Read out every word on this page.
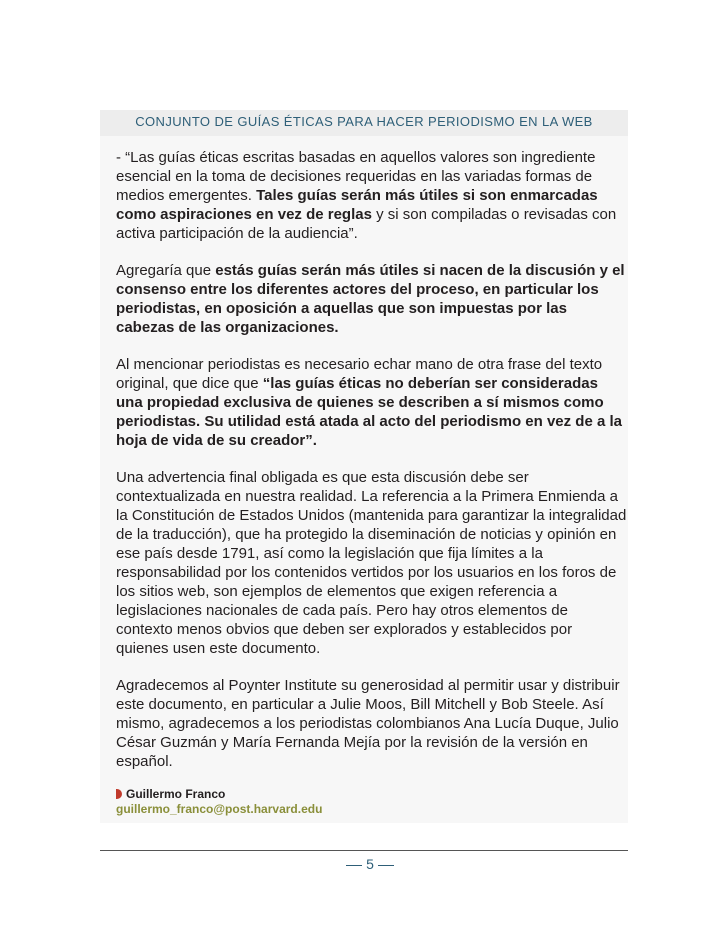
CONJUNTO DE GUÍAS ÉTICAS PARA HACER PERIODISMO EN LA WEB

- “Las guías éticas escritas basadas en aquellos valores son ingrediente esencial en la toma de decisiones requeridas en las variadas formas de medios emergentes. Tales guías serán más útiles si son enmarcadas como aspiraciones en vez de reglas y si son compiladas o revisadas con activa participación de la audiencia”.

Agregaría que estás guías serán más útiles si nacen de la discusión y el consenso entre los diferentes actores del proceso, en particular los periodistas, en oposición a aquellas que son impuestas por las cabezas de las organizaciones.

Al mencionar periodistas es necesario echar mano de otra frase del texto original, que dice que “las guías éticas no deberían ser consideradas una propiedad exclusiva de quienes se describen a sí mismos como periodistas. Su utilidad está atada al acto del periodismo en vez de a la hoja de vida de su creador”.

Una advertencia final obligada es que esta discusión debe ser contextualizada en nuestra realidad. La referencia a la Primera Enmienda a la Constitución de Estados Unidos (mantenida para garantizar la integralidad de la traducción), que ha protegido la diseminación de noticias y opinión en ese país desde 1791, así como la legislación que fija límites a la responsabilidad por los contenidos vertidos por los usuarios en los foros de los sitios web, son ejemplos de elementos que exigen referencia a legislaciones nacionales de cada país. Pero hay otros elementos de contexto menos obvios que deben ser explorados y establecidos por quienes usen este documento.

Agradecemos al Poynter Institute su generosidad al permitir usar y distribuir este documento, en particular a Julie Moos, Bill Mitchell y Bob Steele. Así mismo, agradecemos a los periodistas colombianos Ana Lucía Duque, Julio César Guzmán y María Fernanda Mejía por la revisión de la versión en español.

Guillermo Franco
guillermo_franco@post.harvard.edu
5
